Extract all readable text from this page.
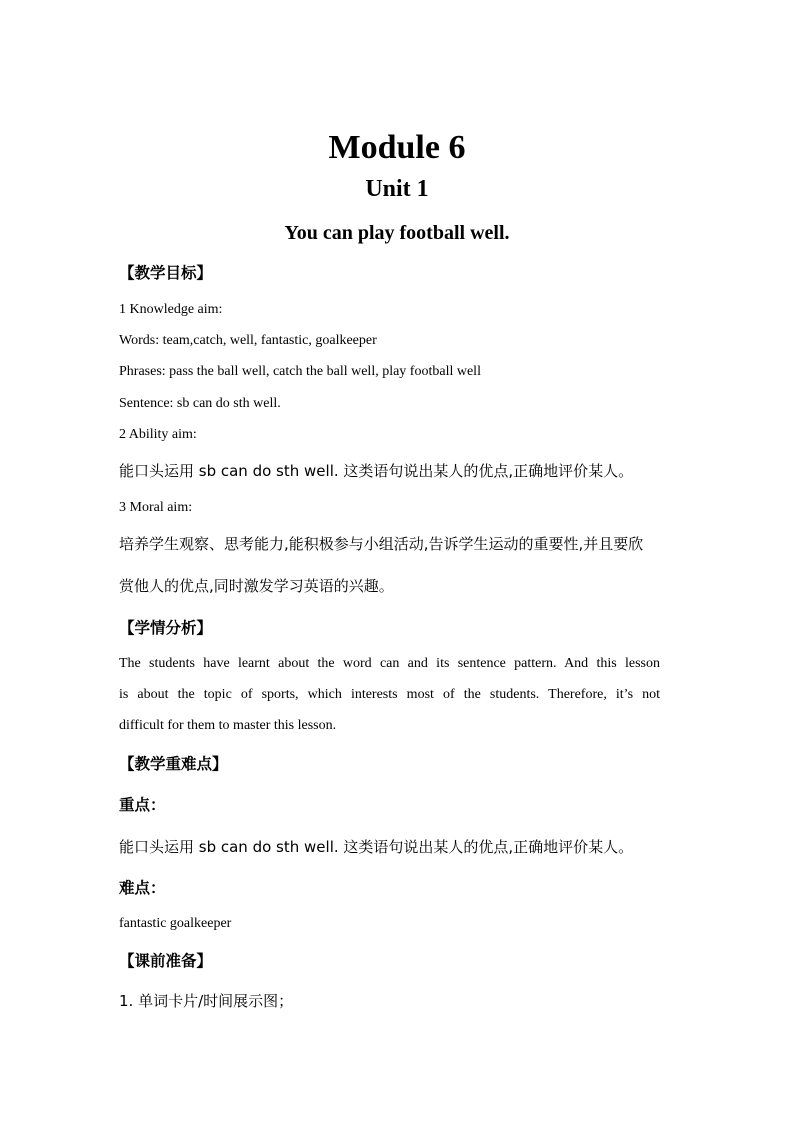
Module 6
Unit 1
You can play football well.
【教学目标】
1 Knowledge aim:
Words: team,catch, well, fantastic, goalkeeper
Phrases: pass the ball well, catch the ball well, play football well
Sentence: sb can do sth well.
2 Ability aim:
能口头运用 sb can do sth well. 这类语句说出某人的优点,正确地评价某人。
3 Moral aim:
培养学生观察、思考能力,能积极参与小组活动,告诉学生运动的重要性,并且要欣
赏他人的优点,同时激发学习英语的兴趣。
【学情分析】
The students have learnt about the word can and its sentence pattern. And this lesson
is about the topic of sports, which interests most of the students. Therefore, it’s not
difficult for them to master this lesson.
【教学重难点】
重点：
能口头运用 sb can do sth well. 这类语句说出某人的优点,正确地评价某人。
难点：
fantastic goalkeeper
【课前准备】
1. 单词卡片/时间展示图；
